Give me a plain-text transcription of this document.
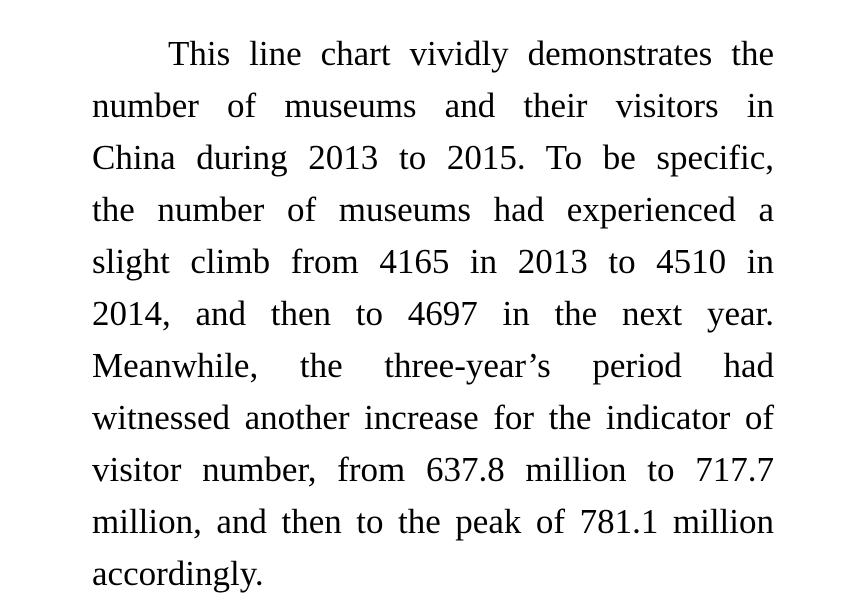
This line chart vividly demonstrates the
number of museums and their visitors in
China during 2013 to 2015. To be specific,
the number of museums had experienced a
slight climb from 4165 in 2013 to 4510 in
2014, and then to 4697 in the next year.
Meanwhile, the three-year’s period had
witnessed another increase for the indicator of
visitor number, from 637.8 million to 717.7
million, and then to the peak of 781.1 million
accordingly.
